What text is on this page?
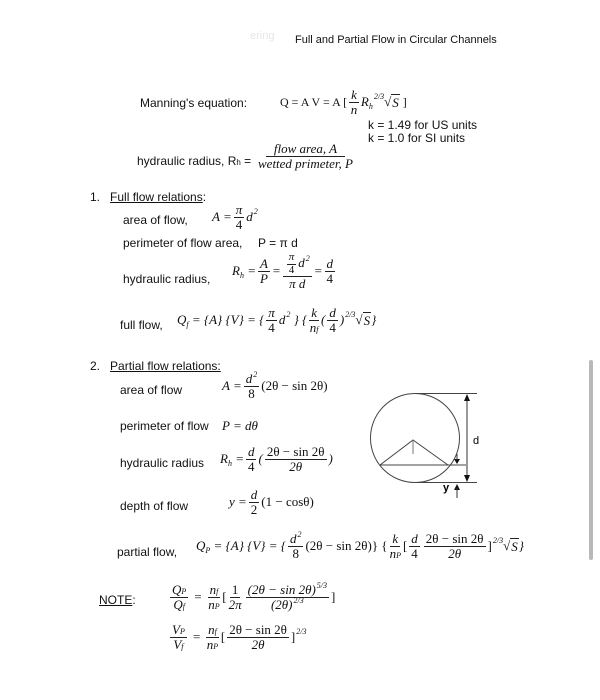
ering Full and Partial Flow in Circular Channels
Manning's equation:	Q = A V = A [ $\frac{k}{n}$ R h
2/3 √ S ]
k = 1.49 for US units
k = 1.0 for SI units
hydraulic radius, $Rh = \frac{\text{flow area, A}}{\text{wetted primeter, P}}$
1. Full flow relations:
area of flow, $A = \frac{\pi}{4}$ d 2
perimeter of flow area, P = π d
hydraulic radius,
R h
= $\frac{A}{P} = \frac{\frac{\pi}{4} d^2}{\text{π d}} = \frac{d}{4}$
full flow, Q f
= {A} {V} = { $\frac{\pi}{4}$ d 2
} { $\frac{k}{nf}$ ( $\frac{d}{4}$ ) 2/3 √ S }
2. Partial flow relations:
area of flow	$A = \frac{d^2}{8} (2\theta - \sin 2\theta)$
perimeter of flow P = dθ
hydraulic radius R h
= $\frac{d}{4}$ ( $\frac{2\theta - \sin 2\theta}{2\theta}$ )
depth of flow	$y = \frac{d}{2} (1 - \cos\theta)$
d
y
partial flow, Q P
= {A} {V} = { $\frac{d^2}{8} (2\theta - \sin 2\theta)$} { $\frac{k}{nP}$ [ $\frac{d}{4} \frac{2\theta - \sin 2\theta}{2\theta}$ ] 2/3 √ S }
NOTE:	$\frac{QP}{Qf}$
=
$\frac{nf}{nP}$ [ $\frac{1}{2\pi} \frac{(2\theta - \sin 2\theta)^{5/3}}{(2\theta)^{2/3}}$ ]
$\frac{VP}{Vf}$
=
$\frac{nf}{nP}$ [ $\frac{2\theta - \sin 2\theta}{2\theta}$ ] 2/3
